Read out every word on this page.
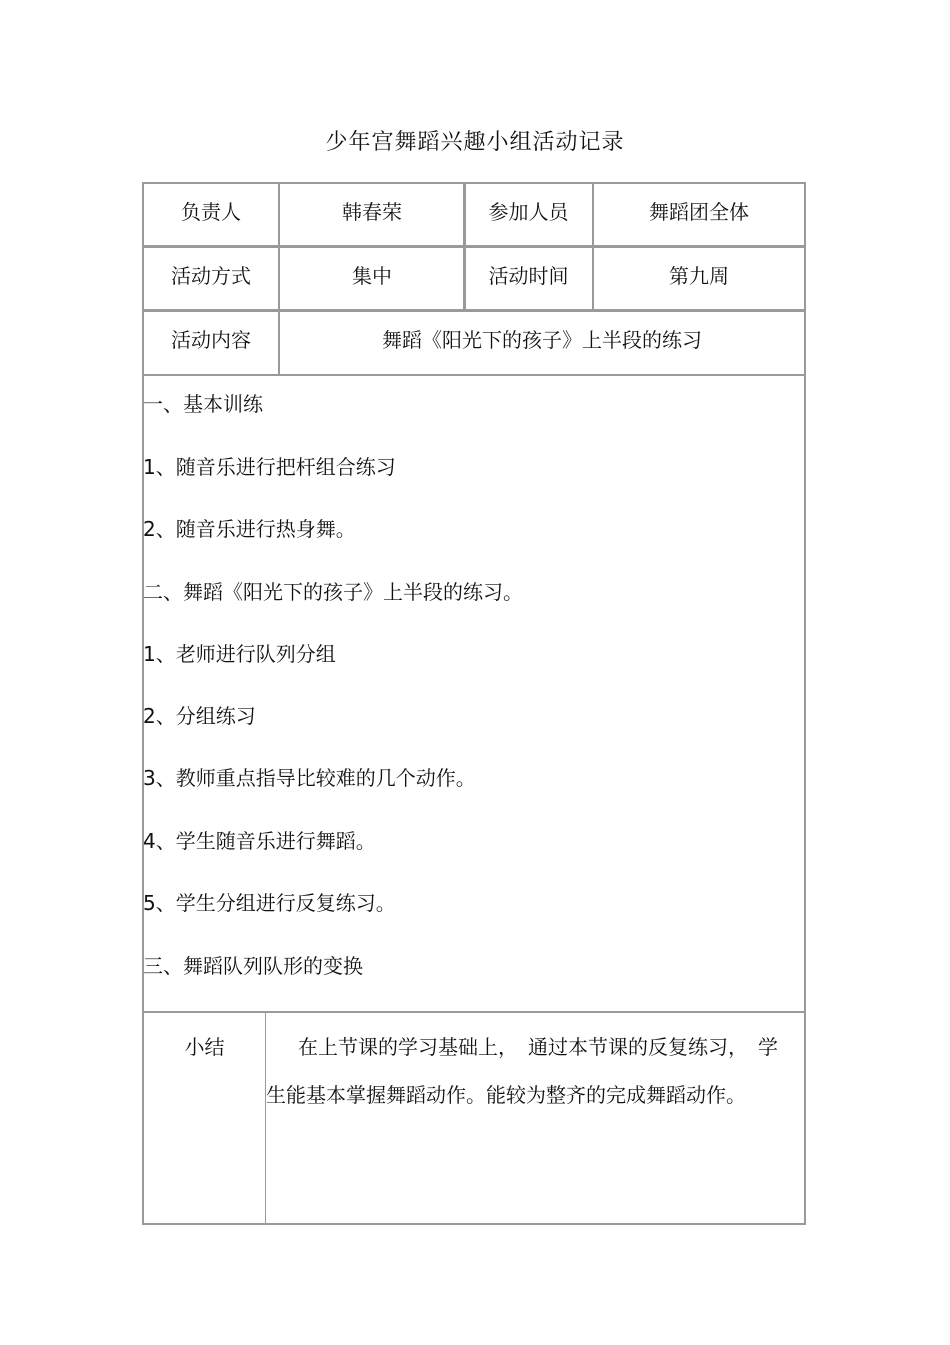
少年宫舞蹈兴趣小组活动记录
负责人	韩春荣	参加人员	舞蹈团全体
活动方式	集中	活动时间	第九周
活动内容	舞蹈《阳光下的孩子》上半段的练习
一、基本训练
1、随音乐进行把杆组合练习
2、随音乐进行热身舞。
二、舞蹈《阳光下的孩子》上半段的练习。
1、老师进行队列分组
2、分组练习
3、教师重点指导比较难的几个动作。
4、学生随音乐进行舞蹈。
5、学生分组进行反复练习。
三、舞蹈队列队形的变换
小结	在上节课的学习基础上，　通过本节课的反复练习，　学
生能基本掌握舞蹈动作。能较为整齐的完成舞蹈动作。
